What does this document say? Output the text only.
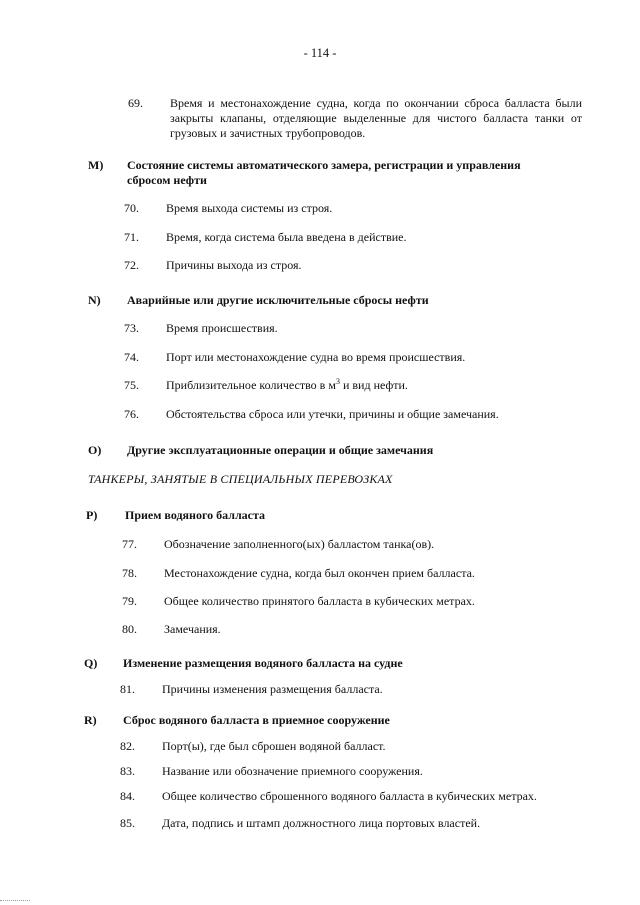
- 114 -
69.	Время и местонахождение судна, когда по окончании сброса балласта были закрыты клапаны, отделяющие выделенные для чистого балласта танки от грузовых и зачистных трубопроводов.
M)	Состояние системы автоматического замера, регистрации и управления сбросом нефти
70.	Время выхода системы из строя.
71.	Время, когда система была введена в действие.
72.	Причины выхода из строя.
N)	Аварийные или другие исключительные сбросы нефти
73.	Время происшествия.
74.	Порт или местонахождение судна во время происшествия.
75.	Приблизительное количество в $м^3$ и вид нефти.
76.	Обстоятельства сброса или утечки, причины и общие замечания.
O)	Другие эксплуатационные операции и общие замечания
ТАНКЕРЫ, ЗАНЯТЫЕ В СПЕЦИАЛЬНЫХ ПЕРЕВОЗКАХ
P)	Прием водяного балласта
77.	Обозначение заполненного(ых) балластом танка(ов).
78.	Местонахождение судна, когда был окончен прием балласта.
79.	Общее количество принятого балласта в кубических метрах.
80.	Замечания.
Q)	Изменение размещения водяного балласта на судне
81.	Причины изменения размещения балласта.
R)	Сброс водяного балласта в приемное сооружение
82.	Порт(ы), где был сброшен водяной балласт.
83.	Название или обозначение приемного сооружения.
84.	Общее количество сброшенного водяного балласта в кубических метрах.
85.	Дата, подпись и штамп должностного лица портовых властей.
